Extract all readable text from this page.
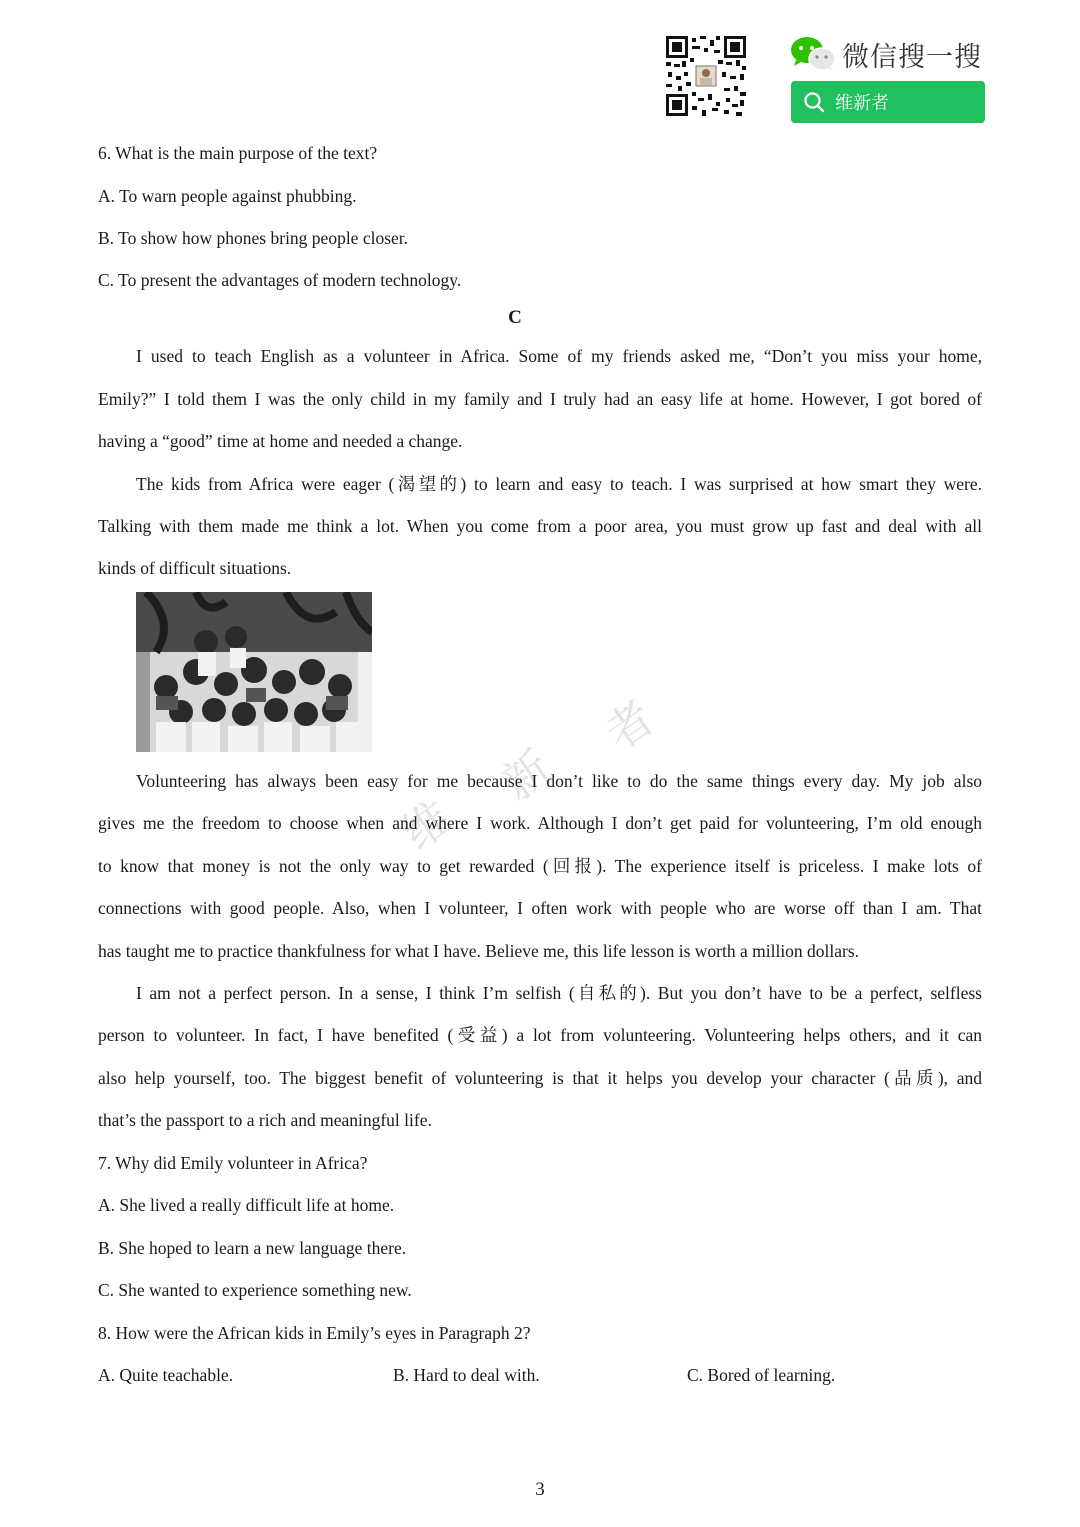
微信搜一搜
维新者
6. What is the main purpose of the text?
A. To warn people against phubbing.
B. To show how phones bring people closer.
C. To present the advantages of modern technology.
C
I used to teach English as a volunteer in Africa. Some of my friends asked me, “Don’t you miss your home,
Emily?” I told them I was the only child in my family and I truly had an easy life at home. However, I got bored of
having a “good” time at home and needed a change.
The kids from Africa were eager (渴望的) to learn and easy to teach. I was surprised at how smart they were.
Talking with them made me think a lot. When you come from a poor area, you must grow up fast and deal with all
kinds of difficult situations.
维
新
者
Volunteering has always been easy for me because I don’t like to do the same things every day. My job also
gives me the freedom to choose when and where I work. Although I don’t get paid for volunteering, I’m old enough
to know that money is not the only way to get rewarded (回报). The experience itself is priceless. I make lots of
connections with good people. Also, when I volunteer, I often work with people who are worse off than I am. That
has taught me to practice thankfulness for what I have. Believe me, this life lesson is worth a million dollars.
I am not a perfect person. In a sense, I think I’m selfish (自私的). But you don’t have to be a perfect, selfless
person to volunteer. In fact, I have benefited (受益) a lot from volunteering. Volunteering helps others, and it can
also help yourself, too. The biggest benefit of volunteering is that it helps you develop your character (品质), and
that’s the passport to a rich and meaningful life.
7. Why did Emily volunteer in Africa?
A. She lived a really difficult life at home.
B. She hoped to learn a new language there.
C. She wanted to experience something new.
8. How were the African kids in Emily’s eyes in Paragraph 2?
A. Quite teachable.	B. Hard to deal with.	C. Bored of learning.
3
